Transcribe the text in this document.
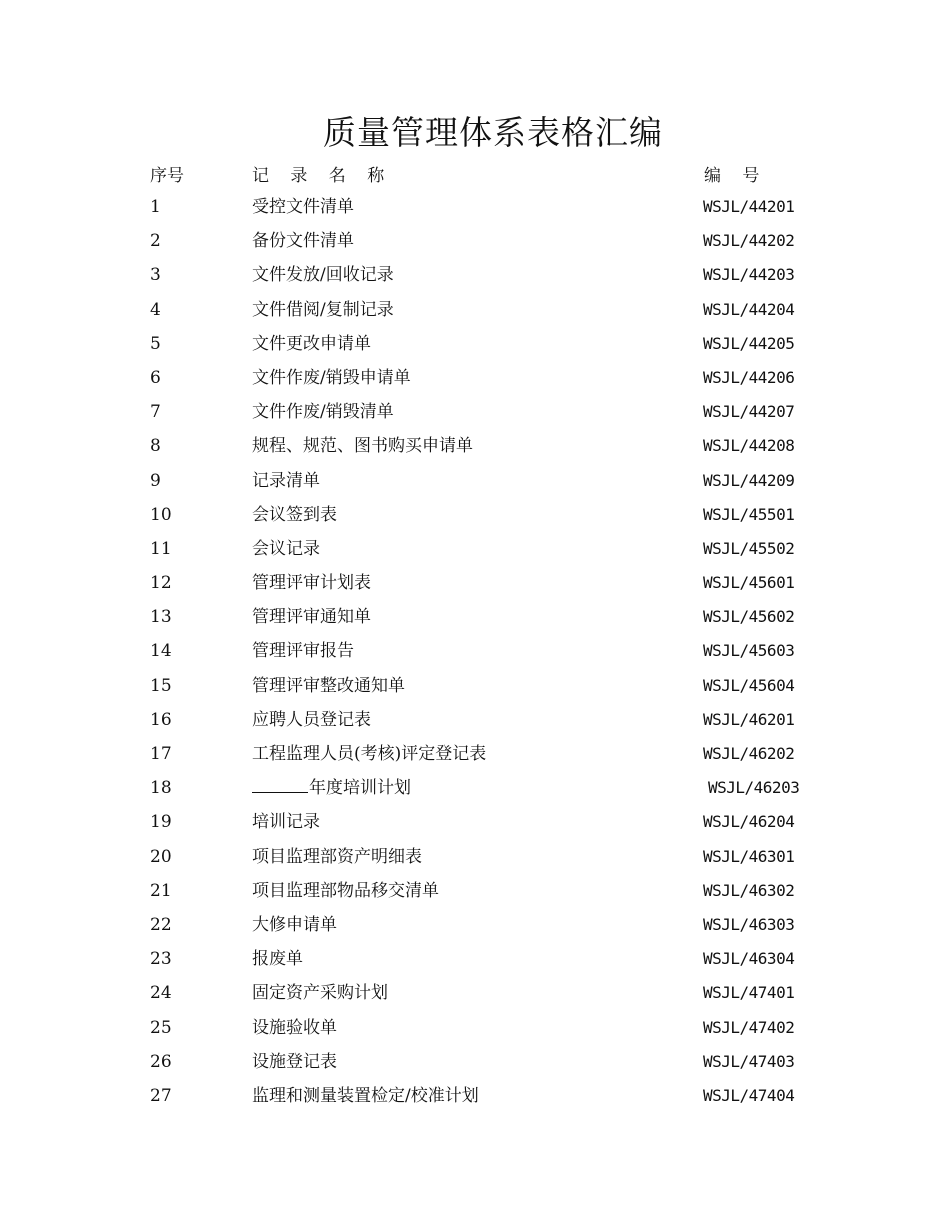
质量管理体系表格汇编
序号	记 录 名 称	编 号
1	受控文件清单	WSJL/44201
2	备份文件清单	WSJL/44202
3	文件发放/回收记录	WSJL/44203
4	文件借阅/复制记录	WSJL/44204
5	文件更改申请单	WSJL/44205
6	文件作废/销毁申请单	WSJL/44206
7	文件作废/销毁清单	WSJL/44207
8	规程、规范、图书购买申请单	WSJL/44208
9	记录清单	WSJL/44209
10	会议签到表	WSJL/45501
11	会议记录	WSJL/45502
12	管理评审计划表	WSJL/45601
13	管理评审通知单	WSJL/45602
14	管理评审报告	WSJL/45603
15	管理评审整改通知单	WSJL/45604
16	应聘人员登记表	WSJL/46201
17	工程监理人员(考核)评定登记表	WSJL/46202
18	年度培训计划	WSJL/46203
19	培训记录	WSJL/46204
20	项目监理部资产明细表	WSJL/46301
21	项目监理部物品移交清单	WSJL/46302
22	大修申请单	WSJL/46303
23	报废单	WSJL/46304
24	固定资产采购计划	WSJL/47401
25	设施验收单	WSJL/47402
26	设施登记表	WSJL/47403
27	监理和测量装置检定/校准计划	WSJL/47404
